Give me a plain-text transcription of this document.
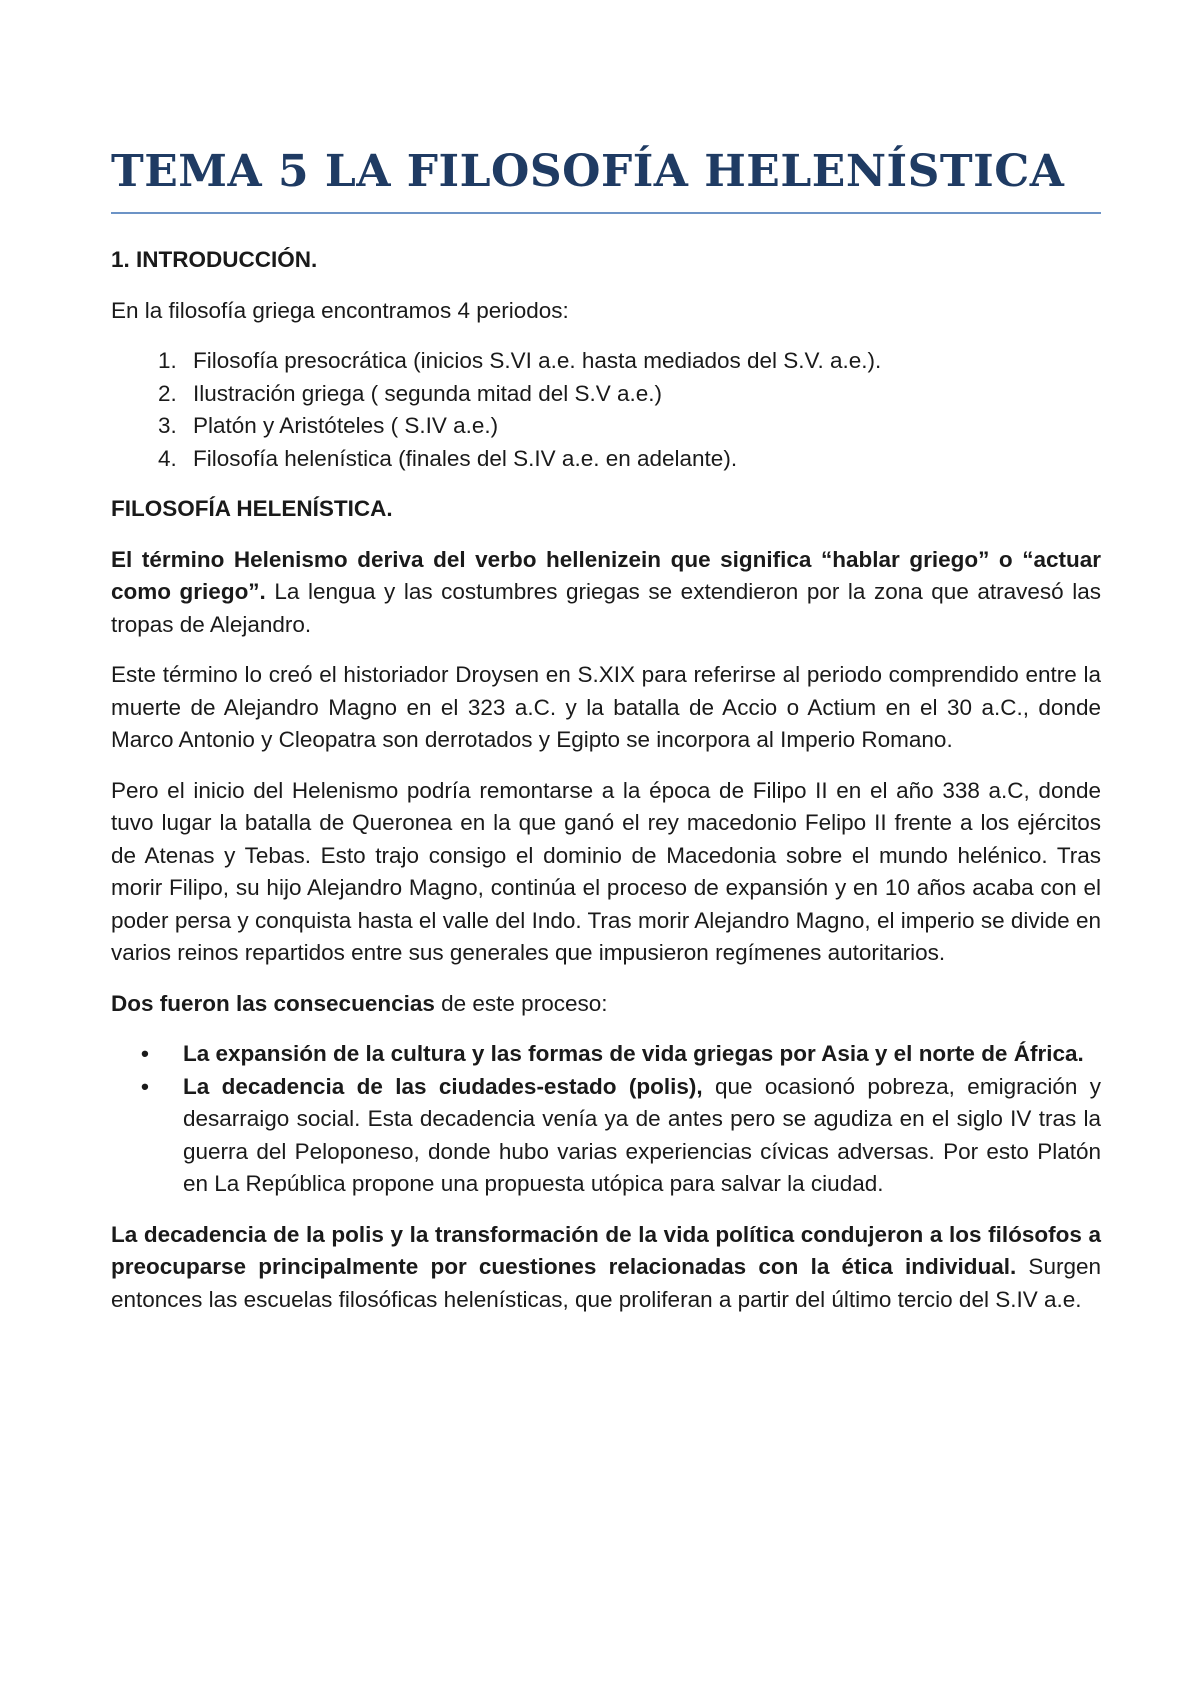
TEMA 5 LA FILOSOFÍA HELENÍSTICA

1. INTRODUCCIÓN.

En la filosofía griega encontramos 4 periodos:

1. Filosofía presocrática (inicios S.VI a.e. hasta mediados del S.V. a.e.).
2. Ilustración griega ( segunda mitad del S.V a.e.)
3. Platón y Aristóteles ( S.IV a.e.)
4. Filosofía helenística (finales del S.IV a.e. en adelante).

FILOSOFÍA HELENÍSTICA.

El término Helenismo deriva del verbo hellenizein que significa “hablar griego” o “actuar como griego”. La lengua y las costumbres griegas se extendieron por la zona que atravesó las tropas de Alejandro.

Este término lo creó el historiador Droysen en S.XIX para referirse al periodo comprendido entre la muerte de Alejandro Magno en el 323 a.C. y la batalla de Accio o Actium en el 30 a.C., donde Marco Antonio y Cleopatra son derrotados y Egipto se incorpora al Imperio Romano.

Pero el inicio del Helenismo podría remontarse a la época de Filipo II en el año 338 a.C, donde tuvo lugar la batalla de Queronea en la que ganó el rey macedonio Felipo II frente a los ejércitos de Atenas y Tebas. Esto trajo consigo el dominio de Macedonia sobre el mundo helénico. Tras morir Filipo, su hijo Alejandro Magno, continúa el proceso de expansión y en 10 años acaba con el poder persa y conquista hasta el valle del Indo. Tras morir Alejandro Magno, el imperio se divide en varios reinos repartidos entre sus generales que impusieron regímenes autoritarios.

Dos fueron las consecuencias de este proceso:

• La expansión de la cultura y las formas de vida griegas por Asia y el norte de África.
• La decadencia de las ciudades-estado (polis), que ocasionó pobreza, emigración y desarraigo social. Esta decadencia venía ya de antes pero se agudiza en el siglo IV tras la guerra del Peloponeso, donde hubo varias experiencias cívicas adversas. Por esto Platón en La República propone una propuesta utópica para salvar la ciudad.

La decadencia de la polis y la transformación de la vida política condujeron a los filósofos a preocuparse principalmente por cuestiones relacionadas con la ética individual. Surgen entonces las escuelas filosóficas helenísticas, que proliferan a partir del último tercio del S.IV a.e.
